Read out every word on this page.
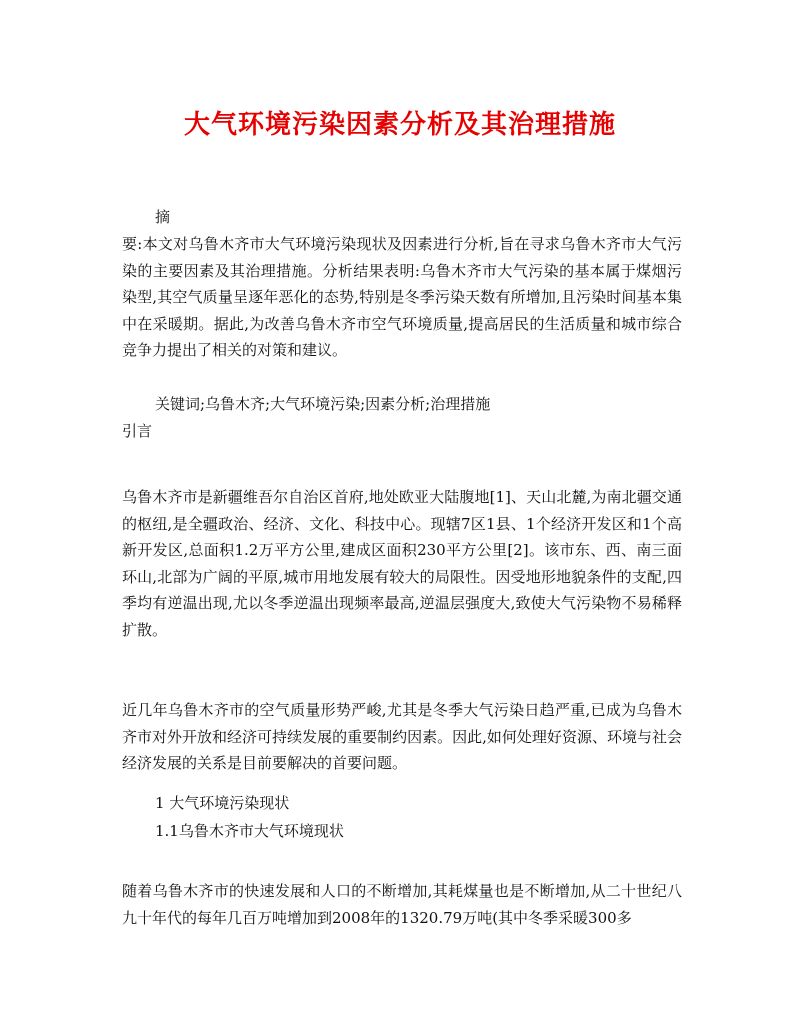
大气环境污染因素分析及其治理措施

摘

要:本文对乌鲁木齐市大气环境污染现状及因素进行分析,旨在寻求乌鲁木齐市大气污染的主要因素及其治理措施。分析结果表明:乌鲁木齐市大气污染的基本属于煤烟污染型,其空气质量呈逐年恶化的态势,特别是冬季污染天数有所增加,且污染时间基本集中在采暖期。据此,为改善乌鲁木齐市空气环境质量,提高居民的生活质量和城市综合竞争力提出了相关的对策和建议。

关键词;乌鲁木齐;大气环境污染;因素分析;治理措施

引言

乌鲁木齐市是新疆维吾尔自治区首府,地处欧亚大陆腹地[1]、天山北麓,为南北疆交通的枢纽,是全疆政治、经济、文化、科技中心。现辖7区1县、1个经济开发区和1个高新开发区,总面积1.2万平方公里,建成区面积230平方公里[2]。该市东、西、南三面环山,北部为广阔的平原,城市用地发展有较大的局限性。因受地形地貌条件的支配,四季均有逆温出现,尤以冬季逆温出现频率最高,逆温层强度大,致使大气污染物不易稀释扩散。

近几年乌鲁木齐市的空气质量形势严峻,尤其是冬季大气污染日趋严重,已成为乌鲁木齐市对外开放和经济可持续发展的重要制约因素。因此,如何处理好资源、环境与社会经济发展的关系是目前要解决的首要问题。

1 大气环境污染现状

1.1乌鲁木齐市大气环境现状

随着乌鲁木齐市的快速发展和人口的不断增加,其耗煤量也是不断增加,从二十世纪八九十年代的每年几百万吨增加到2008年的1320.79万吨(其中冬季采暖300多
